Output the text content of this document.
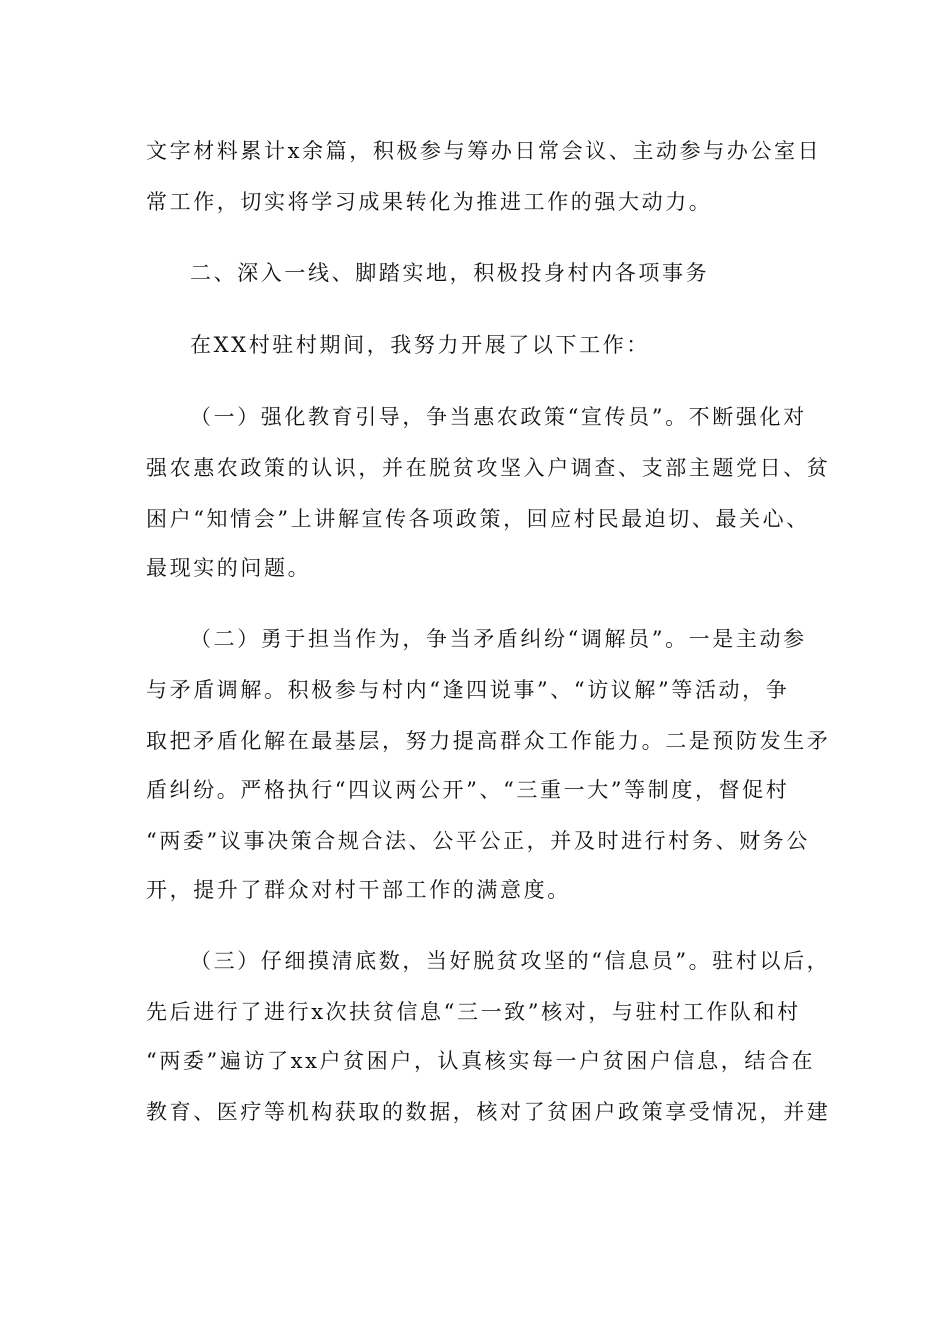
文字材料累计x余篇，积极参与筹办日常会议、主动参与办公室日
常工作，切实将学习成果转化为推进工作的强大动力。
二、深入一线、脚踏实地，积极投身村内各项事务
在XX村驻村期间，我努力开展了以下工作：
（一）强化教育引导，争当惠农政策“宣传员”。不断强化对
强农惠农政策的认识，并在脱贫攻坚入户调查、支部主题党日、贫
困户“知情会”上讲解宣传各项政策，回应村民最迫切、最关心、
最现实的问题。
（二）勇于担当作为，争当矛盾纠纷“调解员”。一是主动参
与矛盾调解。积极参与村内“逢四说事”、“访议解”等活动，争
取把矛盾化解在最基层，努力提高群众工作能力。二是预防发生矛
盾纠纷。严格执行“四议两公开”、“三重一大”等制度，督促村
“两委”议事决策合规合法、公平公正，并及时进行村务、财务公
开，提升了群众对村干部工作的满意度。
（三）仔细摸清底数，当好脱贫攻坚的“信息员”。驻村以后，
先后进行了进行x次扶贫信息“三一致”核对，与驻村工作队和村
“两委”遍访了xx户贫困户，认真核实每一户贫困户信息，结合在
教育、医疗等机构获取的数据，核对了贫困户政策享受情况，并建
